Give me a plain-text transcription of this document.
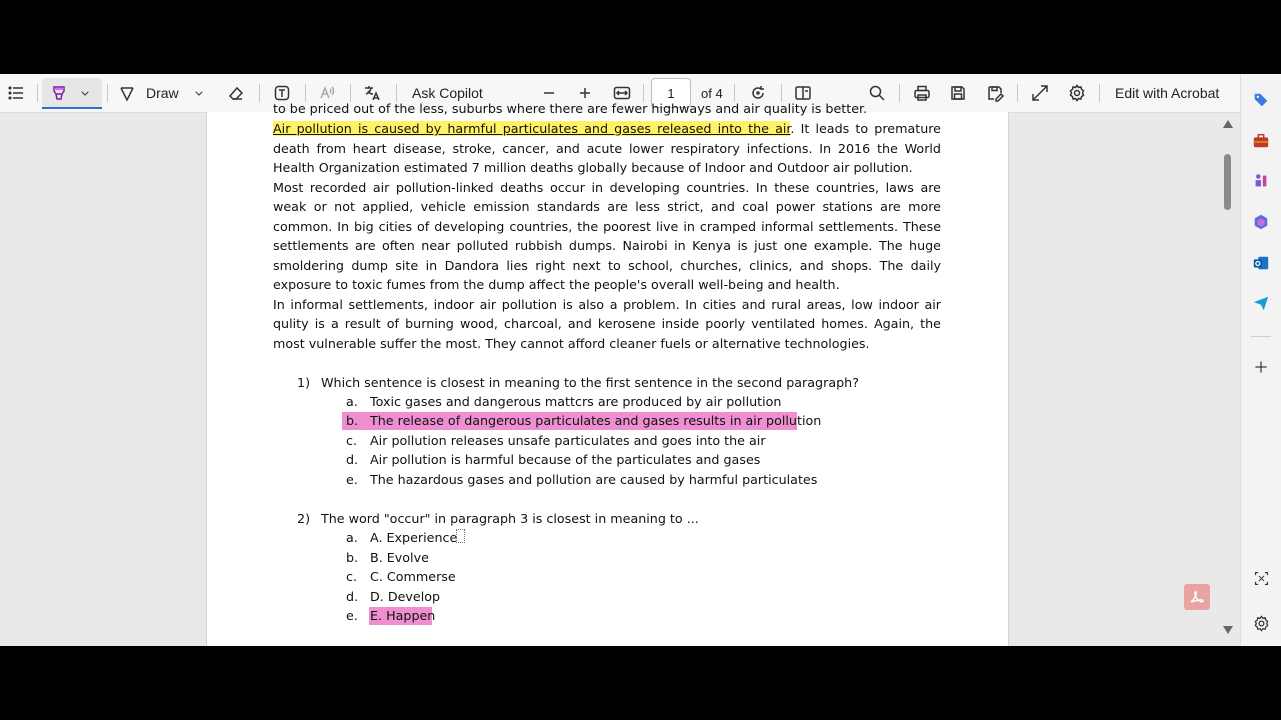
Draw	Ask Copilot	1	of 4	Edit with Acrobat

to be priced out of the less, suburbs where there are fewer highways and air quality is better.

Air pollution is caused by harmful particulates and gases released into the air. It leads to premature death from heart disease, stroke, cancer, and acute lower respiratory infections. In 2016 the World Health Organization estimated 7 million deaths globally because of Indoor and Outdoor air pollution.

Most recorded air pollution-linked deaths occur in developing countries. In these countries, laws are weak or not applied, vehicle emission standards are less strict, and coal power stations are more common. In big cities of developing countries, the poorest live in cramped informal settlements. These settlements are often near polluted rubbish dumps. Nairobi in Kenya is just one example. The huge smoldering dump site in Dandora lies right next to school, churches, clinics, and shops. The daily exposure to toxic fumes from the dump affect the people's overall well-being and health.

In informal settlements, indoor air pollution is also a problem. In cities and rural areas, low indoor air qulity is a result of burning wood, charcoal, and kerosene inside poorly ventilated homes. Again, the most vulnerable suffer the most. They cannot afford cleaner fuels or alternative technologies.

1) Which sentence is closest in meaning to the first sentence in the second paragraph?
a. Toxic gases and dangerous mattcrs are produced by air pollution
b. The release of dangerous particulates and gases results in air pollution
c. Air pollution releases unsafe particulates and goes into the air
d. Air pollution is harmful because of the particulates and gases
e. The hazardous gases and pollution are caused by harmful particulates
2) The word "occur" in paragraph 3 is closest in meaning to ...
a. A. Experience
b. B. Evolve
c. C. Commerse
d. D. Develop
e. E. Happen
